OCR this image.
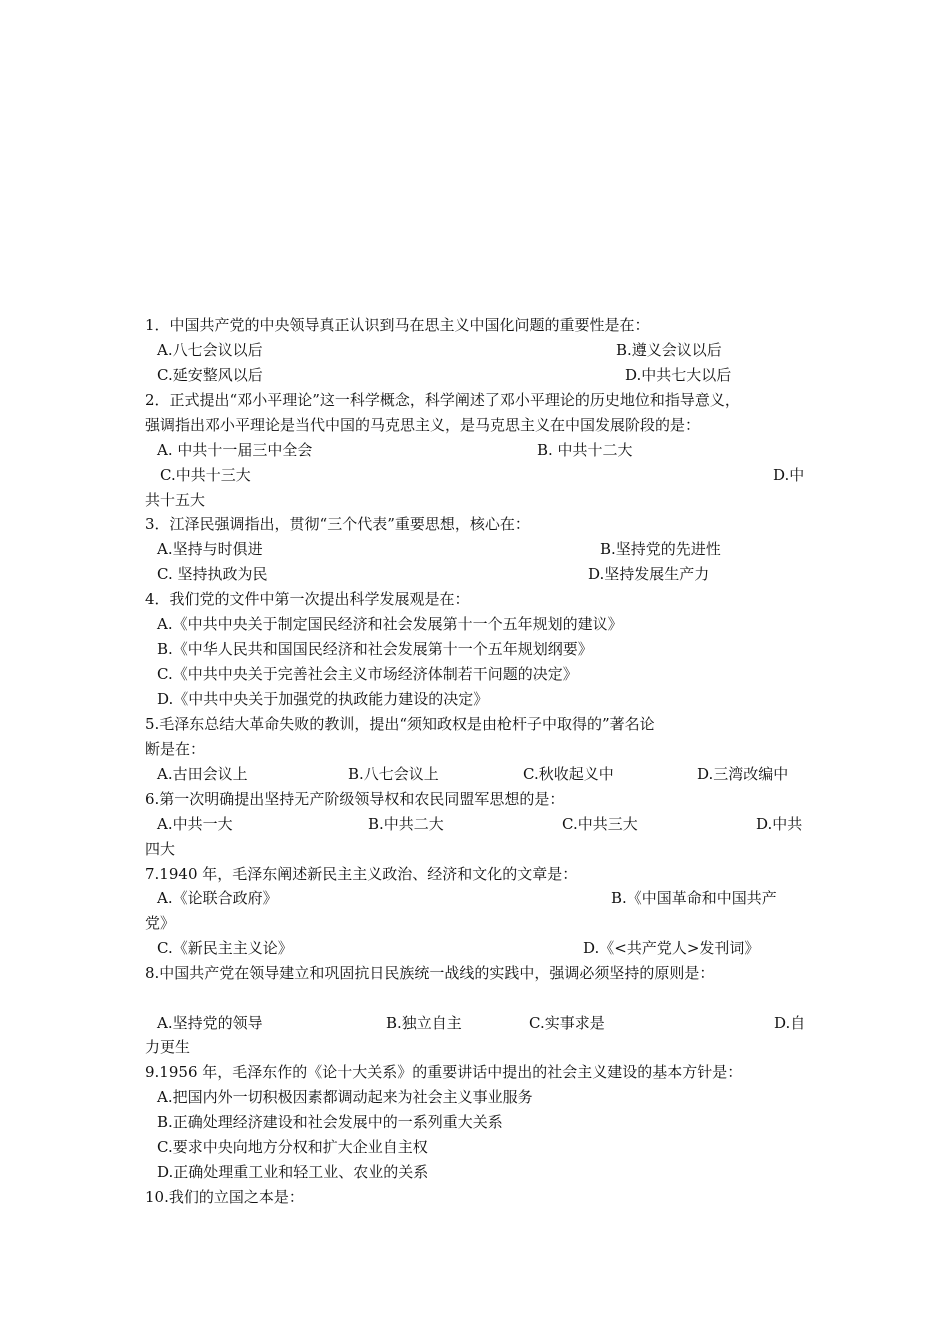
1．中国共产党的中央领导真正认识到马在思主义中国化问题的重要性是在：
A.八七会议以后	B.遵义会议以后
C.延安整风以后	D.中共七大以后
2．正式提出“邓小平理论”这一科学概念，科学阐述了邓小平理论的历史地位和指导意义，
强调指出邓小平理论是当代中国的马克思主义，是马克思主义在中国发展阶段的是：
A. 中共十一届三中全会	B. 中共十二大
C.中共十三大	D.中
共十五大
3．江泽民强调指出，贯彻“三个代表”重要思想，核心在：
A.坚持与时俱进	B.坚持党的先进性
C. 坚持执政为民	D.坚持发展生产力
4．我们党的文件中第一次提出科学发展观是在：
A.《中共中央关于制定国民经济和社会发展第十一个五年规划的建议》
B.《中华人民共和国国民经济和社会发展第十一个五年规划纲要》
C.《中共中央关于完善社会主义市场经济体制若干问题的决定》
D.《中共中央关于加强党的执政能力建设的决定》
5.毛泽东总结大革命失败的教训，提出“须知政权是由枪杆子中取得的”著名论
断是在：
A.古田会议上	B.八七会议上	C.秋收起义中	D.三湾改编中
6.第一次明确提出坚持无产阶级领导权和农民同盟军思想的是：
A.中共一大	B.中共二大	C.中共三大	D.中共
四大
7.1940 年，毛泽东阐述新民主主义政治、经济和文化的文章是：
A.《论联合政府》	B.《中国革命和中国共产
党》
C.《新民主主义论》	D.《<共产党人>发刊词》
8.中国共产党在领导建立和巩固抗日民族统一战线的实践中，强调必须坚持的原则是：
A.坚持党的领导	B.独立自主	C.实事求是	D.自
力更生
9.1956 年，毛泽东作的《论十大关系》的重要讲话中提出的社会主义建设的基本方针是：
A.把国内外一切积极因素都调动起来为社会主义事业服务
B.正确处理经济建设和社会发展中的一系列重大关系
C.要求中央向地方分权和扩大企业自主权
D.正确处理重工业和轻工业、农业的关系
10.我们的立国之本是：
